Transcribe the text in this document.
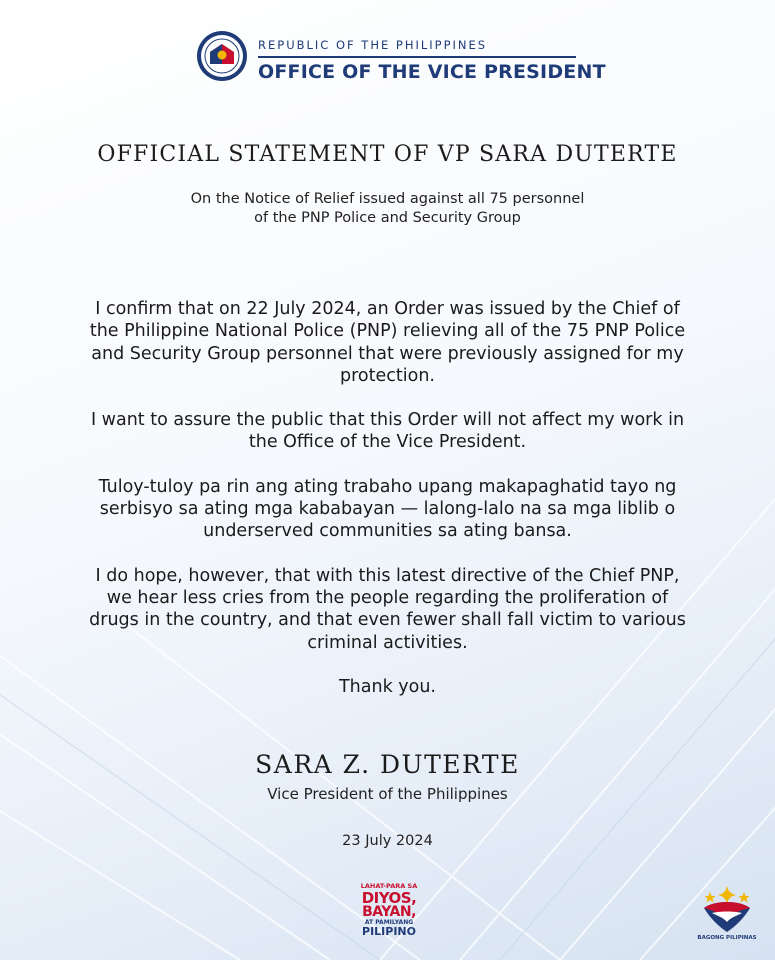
REPUBLIC OF THE PHILIPPINES
OFFICE OF THE VICE PRESIDENT
OFFICIAL STATEMENT OF VP SARA DUTERTE
On the Notice of Relief issued against all 75 personnel
of the PNP Police and Security Group

I confirm that on 22 July 2024, an Order was issued by the Chief of the Philippine National Police (PNP) relieving all of the 75 PNP Police and Security Group personnel that were previously assigned for my protection.

I want to assure the public that this Order will not affect my work in the Office of the Vice President.

Tuloy-tuloy pa rin ang ating trabaho upang makapaghatid tayo ng serbisyo sa ating mga kababayan — lalong-lalo na sa mga liblib o underserved communities sa ating bansa.

I do hope, however, that with this latest directive of the Chief PNP, we hear less cries from the people regarding the proliferation of drugs in the country, and that even fewer shall fall victim to various criminal activities.

Thank you.

SARA Z. DUTERTE
Vice President of the Philippines
23 July 2024
LAHAT-PARA SA
DIYOS,
BAYAN,
AT PAMILYANG
PILIPINO	BAGONG PILIPINAS
